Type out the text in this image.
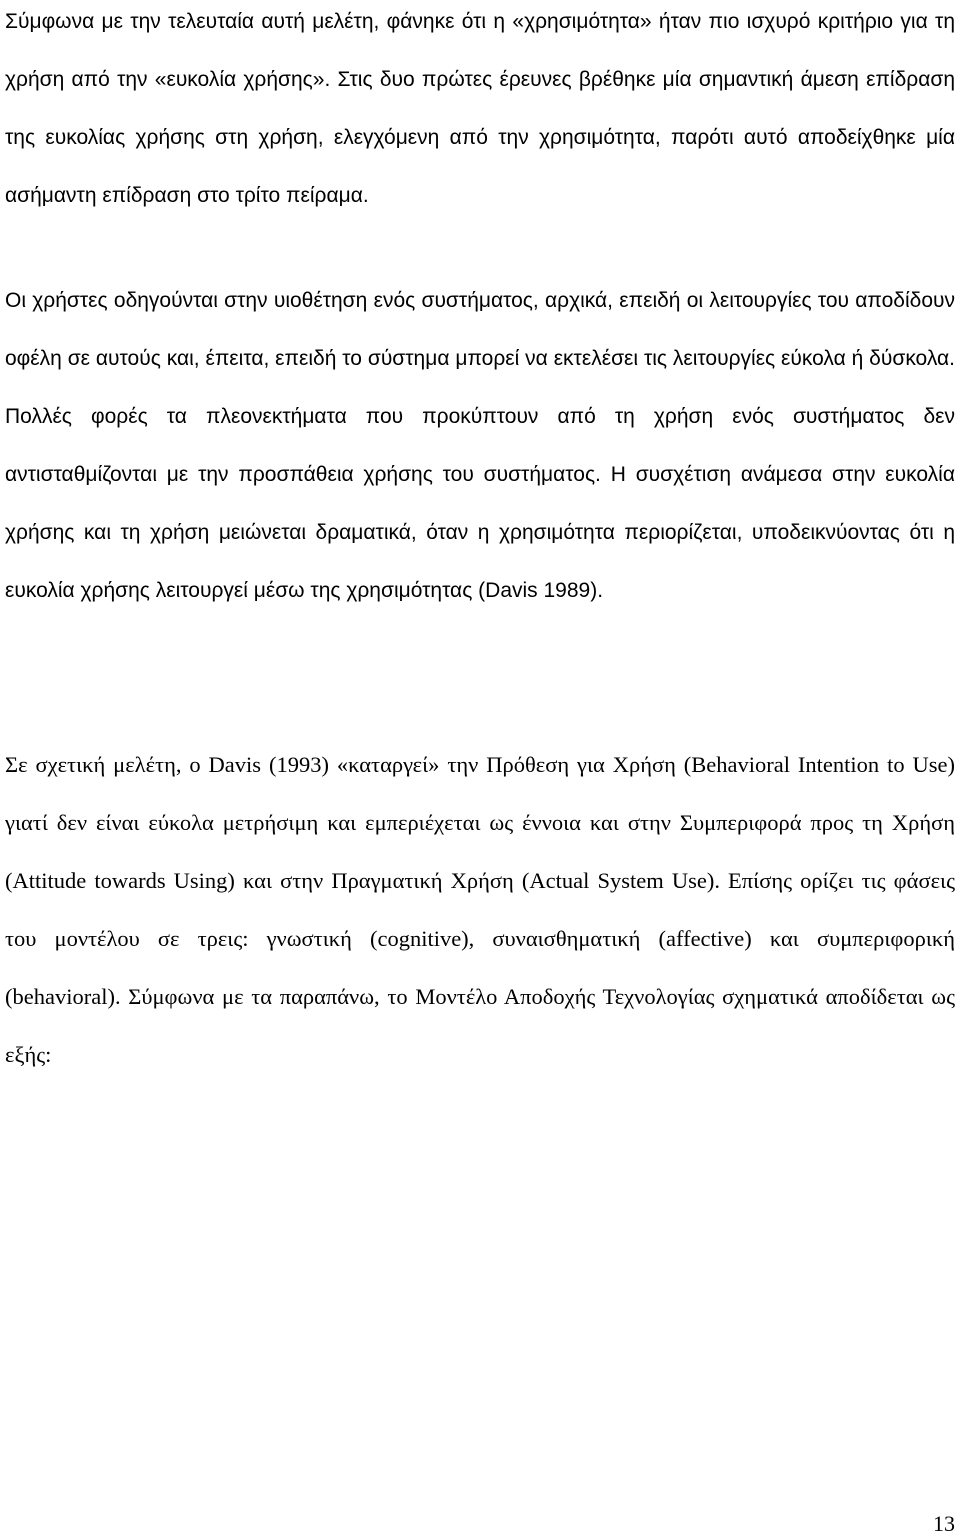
Σύμφωνα με την τελευταία αυτή μελέτη, φάνηκε ότι η «χρησιμότητα» ήταν πιο ισχυρό κριτήριο για τη χρήση από την «ευκολία χρήσης». Στις δυο πρώτες έρευνες βρέθηκε μία σημαντική άμεση επίδραση της ευκολίας χρήσης στη χρήση, ελεγχόμενη από την χρησιμότητα, παρότι αυτό αποδείχθηκε μία ασήμαντη επίδραση στο τρίτο πείραμα.

Οι χρήστες οδηγούνται στην υιοθέτηση ενός συστήματος, αρχικά, επειδή οι λειτουργίες του αποδίδουν οφέλη σε αυτούς και, έπειτα, επειδή το σύστημα μπορεί να εκτελέσει τις λειτουργίες εύκολα ή δύσκολα. Πολλές φορές τα πλεονεκτήματα που προκύπτουν από τη χρήση ενός συστήματος δεν αντισταθμίζονται με την προσπάθεια χρήσης του συστήματος. Η συσχέτιση ανάμεσα στην ευκολία χρήσης και τη χρήση μειώνεται δραματικά, όταν η χρησιμότητα περιορίζεται, υποδεικνύοντας ότι η ευκολία χρήσης λειτουργεί μέσω της χρησιμότητας (Davis 1989).

Σε σχετική μελέτη, ο Davis (1993) «καταργεί» την Πρόθεση για Χρήση (Behavioral Intention to Use) γιατί δεν είναι εύκολα μετρήσιμη και εμπεριέχεται ως έννοια και στην Συμπεριφορά προς τη Χρήση (Attitude towards Using) και στην Πραγματική Χρήση (Actual System Use). Επίσης ορίζει τις φάσεις του μοντέλου σε τρεις: γνωστική (cognitive), συναισθηματική (affective) και συμπεριφορική (behavioral). Σύμφωνα με τα παραπάνω, το Μοντέλο Αποδοχής Τεχνολογίας σχηματικά αποδίδεται ως εξής:

13
